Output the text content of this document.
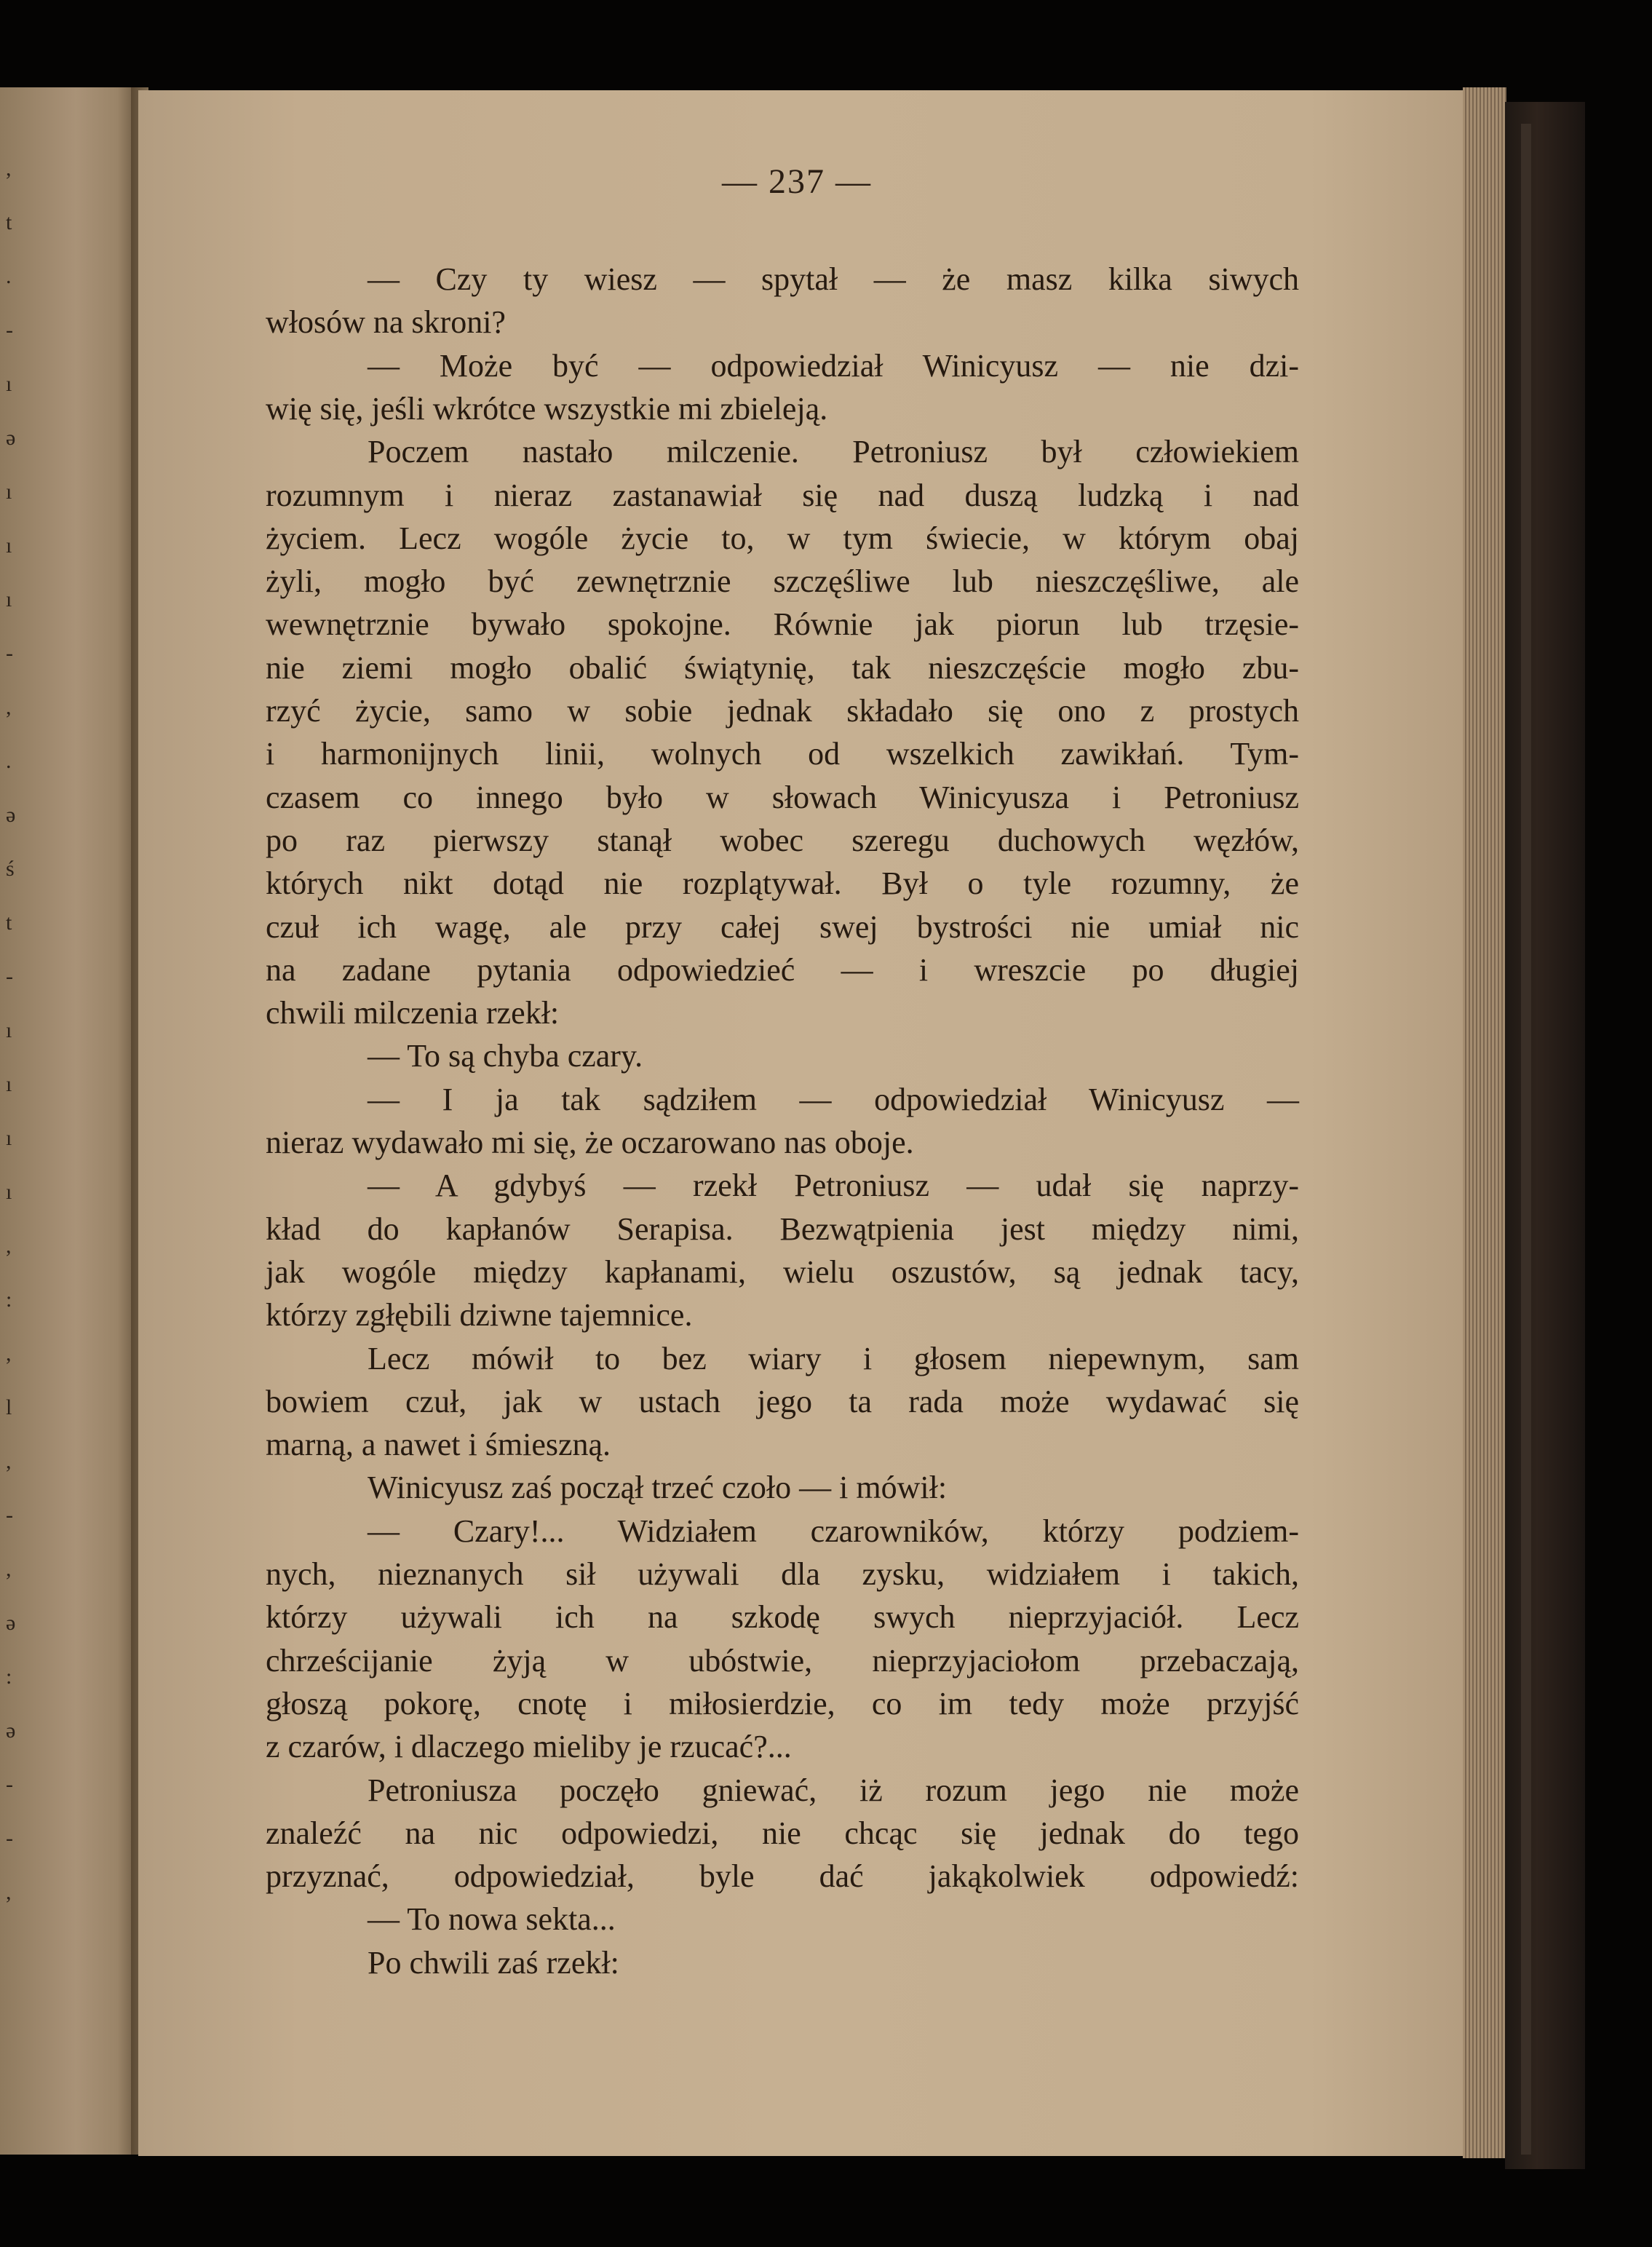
,
t
.
-
ı
ə
ı
ı
ı
-
,
.
ə
ś
t
-
ı
ı
ı
ı
,
:
,
l
,
-
,
ə
:
ə
-
-
,
— 237 —
— Czy ty wiesz — spytał — że masz kilka siwych
włosów na skroni?
— Może być — odpowiedział Winicyusz — nie dzi-
wię się, jeśli wkrótce wszystkie mi zbieleją.
Poczem nastało milczenie. Petroniusz był człowiekiem
rozumnym i nieraz zastanawiał się nad duszą ludzką i nad
życiem. Lecz wogóle życie to, w tym świecie, w którym obaj
żyli, mogło być zewnętrznie szczęśliwe lub nieszczęśliwe, ale
wewnętrznie bywało spokojne. Równie jak piorun lub trzęsie-
nie ziemi mogło obalić świątynię, tak nieszczęście mogło zbu-
rzyć życie, samo w sobie jednak składało się ono z prostych
i harmonijnych linii, wolnych od wszelkich zawikłań. Tym-
czasem co innego było w słowach Winicyusza i Petroniusz
po raz pierwszy stanął wobec szeregu duchowych węzłów,
których nikt dotąd nie rozplątywał. Był o tyle rozumny, że
czuł ich wagę, ale przy całej swej bystrości nie umiał nic
na zadane pytania odpowiedzieć — i wreszcie po długiej
chwili milczenia rzekł:
— To są chyba czary.
— I ja tak sądziłem — odpowiedział Winicyusz —
nieraz wydawało mi się, że oczarowano nas oboje.
— A gdybyś — rzekł Petroniusz — udał się naprzy-
kład do kapłanów Serapisa. Bezwątpienia jest między nimi,
jak wogóle między kapłanami, wielu oszustów, są jednak tacy,
którzy zgłębili dziwne tajemnice.
Lecz mówił to bez wiary i głosem niepewnym, sam
bowiem czuł, jak w ustach jego ta rada może wydawać się
marną, a nawet i śmieszną.
Winicyusz zaś począł trzeć czoło — i mówił:
— Czary!... Widziałem czarowników, którzy podziem-
nych, nieznanych sił używali dla zysku, widziałem i takich,
którzy używali ich na szkodę swych nieprzyjaciół. Lecz
chrześcijanie żyją w ubóstwie, nieprzyjaciołom przebaczają,
głoszą pokorę, cnotę i miłosierdzie, co im tedy może przyjść
z czarów, i dlaczego mieliby je rzucać?...
Petroniusza poczęło gniewać, iż rozum jego nie może
znaleźć na nic odpowiedzi, nie chcąc się jednak do tego
przyznać, odpowiedział, byle dać jakąkolwiek odpowiedź:
— To nowa sekta...
Po chwili zaś rzekł:
